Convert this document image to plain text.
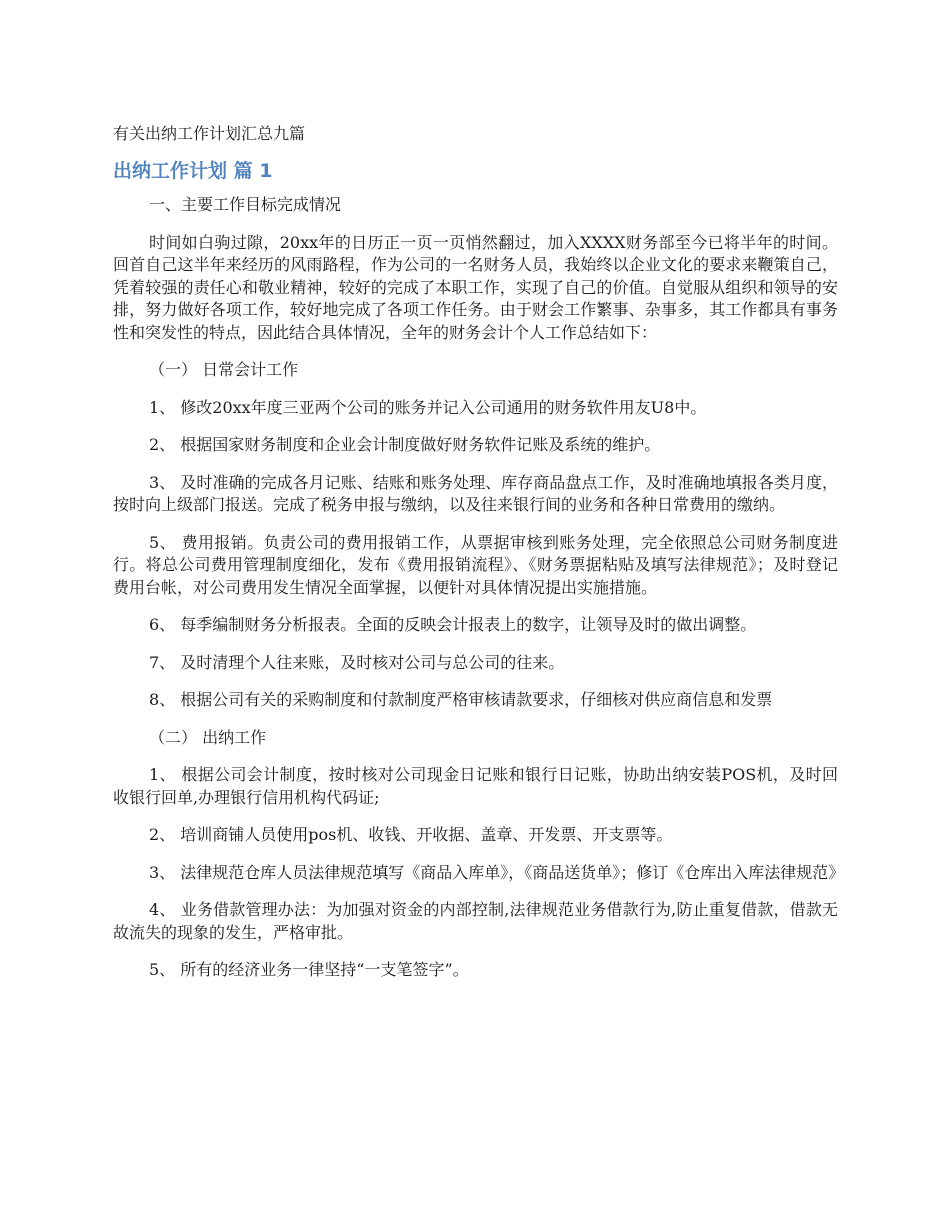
有关出纳工作计划汇总九篇
出纳工作计划 篇 1

一、主要工作目标完成情况

时间如白驹过隙，20xx年的日历正一页一页悄然翻过，加入XXXX财务部至今已将半年的时间。回首自己这半年来经历的风雨路程，作为公司的一名财务人员，我始终以企业文化的要求来鞭策自己，凭着较强的责任心和敬业精神，较好的完成了本职工作，实现了自己的价值。自觉服从组织和领导的安排，努力做好各项工作，较好地完成了各项工作任务。由于财会工作繁事、杂事多，其工作都具有事务性和突发性的特点，因此结合具体情况，全年的财务会计个人工作总结如下：

（一） 日常会计工作

1、 修改20xx年度三亚两个公司的账务并记入公司通用的财务软件用友U8中。

2、 根据国家财务制度和企业会计制度做好财务软件记账及系统的维护。

3、 及时准确的完成各月记账、结账和账务处理、库存商品盘点工作，及时准确地填报各类月度，按时向上级部门报送。完成了税务申报与缴纳，以及往来银行间的业务和各种日常费用的缴纳。

5、 费用报销。负责公司的费用报销工作，从票据审核到账务处理，完全依照总公司财务制度进行。将总公司费用管理制度细化，发布《费用报销流程》、《财务票据粘贴及填写法律规范》；及时登记费用台帐，对公司费用发生情况全面掌握，以便针对具体情况提出实施措施。

6、 每季编制财务分析报表。全面的反映会计报表上的数字，让领导及时的做出调整。

7、 及时清理个人往来账，及时核对公司与总公司的往来。

8、 根据公司有关的采购制度和付款制度严格审核请款要求，仔细核对供应商信息和发票

（二） 出纳工作

1、 根据公司会计制度，按时核对公司现金日记账和银行日记账，协助出纳安装POS机，及时回收银行回单,办理银行信用机构代码证;

2、 培训商铺人员使用pos机、收钱、开收据、盖章、开发票、开支票等。

3、 法律规范仓库人员法律规范填写《商品入库单》，《商品送货单》；修订《仓库出入库法律规范》

4、 业务借款管理办法：为加强对资金的内部控制,法律规范业务借款行为,防止重复借款，借款无故流失的现象的发生，严格审批。

5、 所有的经济业务一律坚持“一支笔签字”。
